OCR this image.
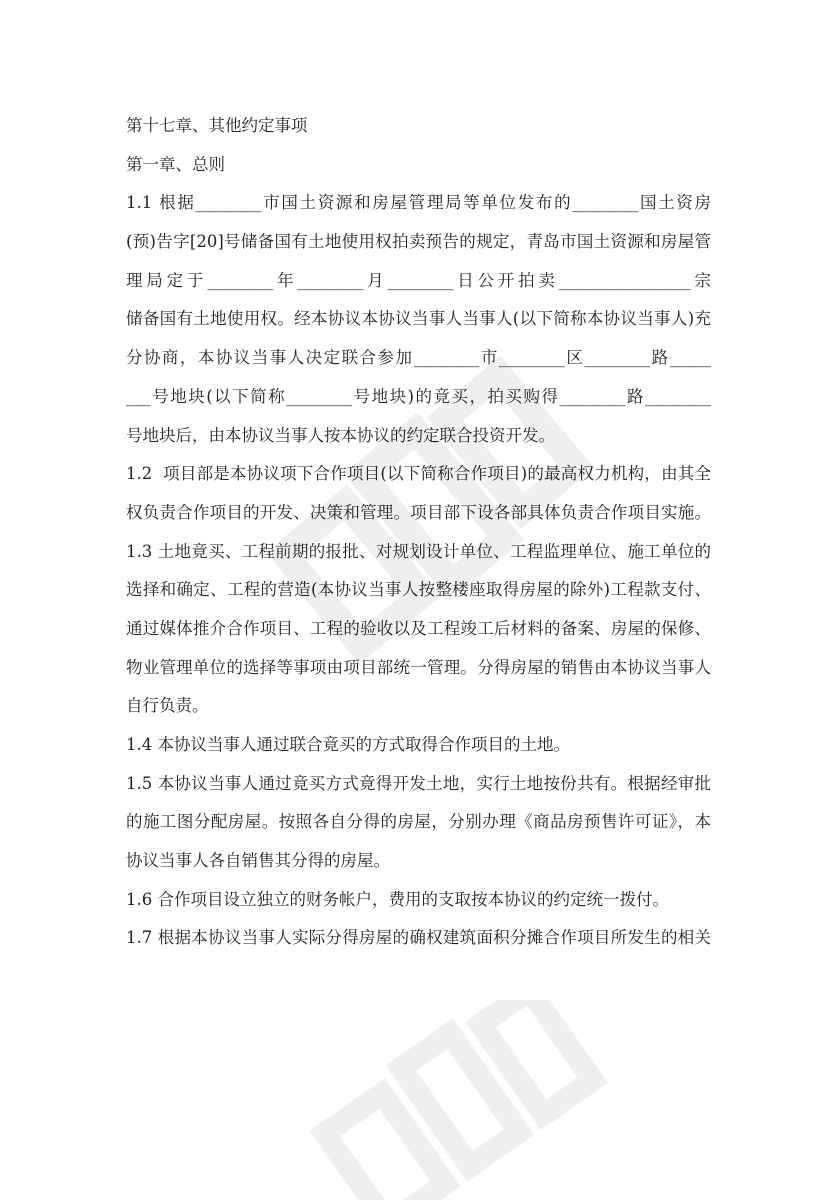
第十七章、其他约定事项
第一章、总则
1.1 根据________市国土资源和房屋管理局等单位发布的________国土资房
(预)告字[20]号储备国有土地使用权拍卖预告的规定，青岛市国土资源和房屋管
理局定于________年________月________日公开拍卖________________宗
储备国有土地使用权。经本协议本协议当事人当事人(以下简称本协议当事人)充
分协商，本协议当事人决定联合参加________市________区________路_____
___号地块(以下简称________号地块)的竟买，拍买购得________路________
号地块后，由本协议当事人按本协议的约定联合投资开发。
1.2  项目部是本协议项下合作项目(以下简称合作项目)的最高权力机构，由其全
权负责合作项目的开发、决策和管理。项目部下设各部具体负责合作项目实施。
1.3 土地竟买、工程前期的报批、对规划设计单位、工程监理单位、施工单位的
选择和确定、工程的营造(本协议当事人按整楼座取得房屋的除外)工程款支付、
通过媒体推介合作项目、工程的验收以及工程竣工后材料的备案、房屋的保修、
物业管理单位的选择等事项由项目部统一管理。分得房屋的销售由本协议当事人
自行负责。
1.4 本协议当事人通过联合竟买的方式取得合作项目的土地。
1.5 本协议当事人通过竟买方式竟得开发土地，实行土地按份共有。根据经审批
的施工图分配房屋。按照各自分得的房屋，分别办理《商品房预售许可证》，本
协议当事人各自销售其分得的房屋。
1.6 合作项目设立独立的财务帐户，费用的支取按本协议的约定统一拨付。
1.7 根据本协议当事人实际分得房屋的确权建筑面积分摊合作项目所发生的相关
